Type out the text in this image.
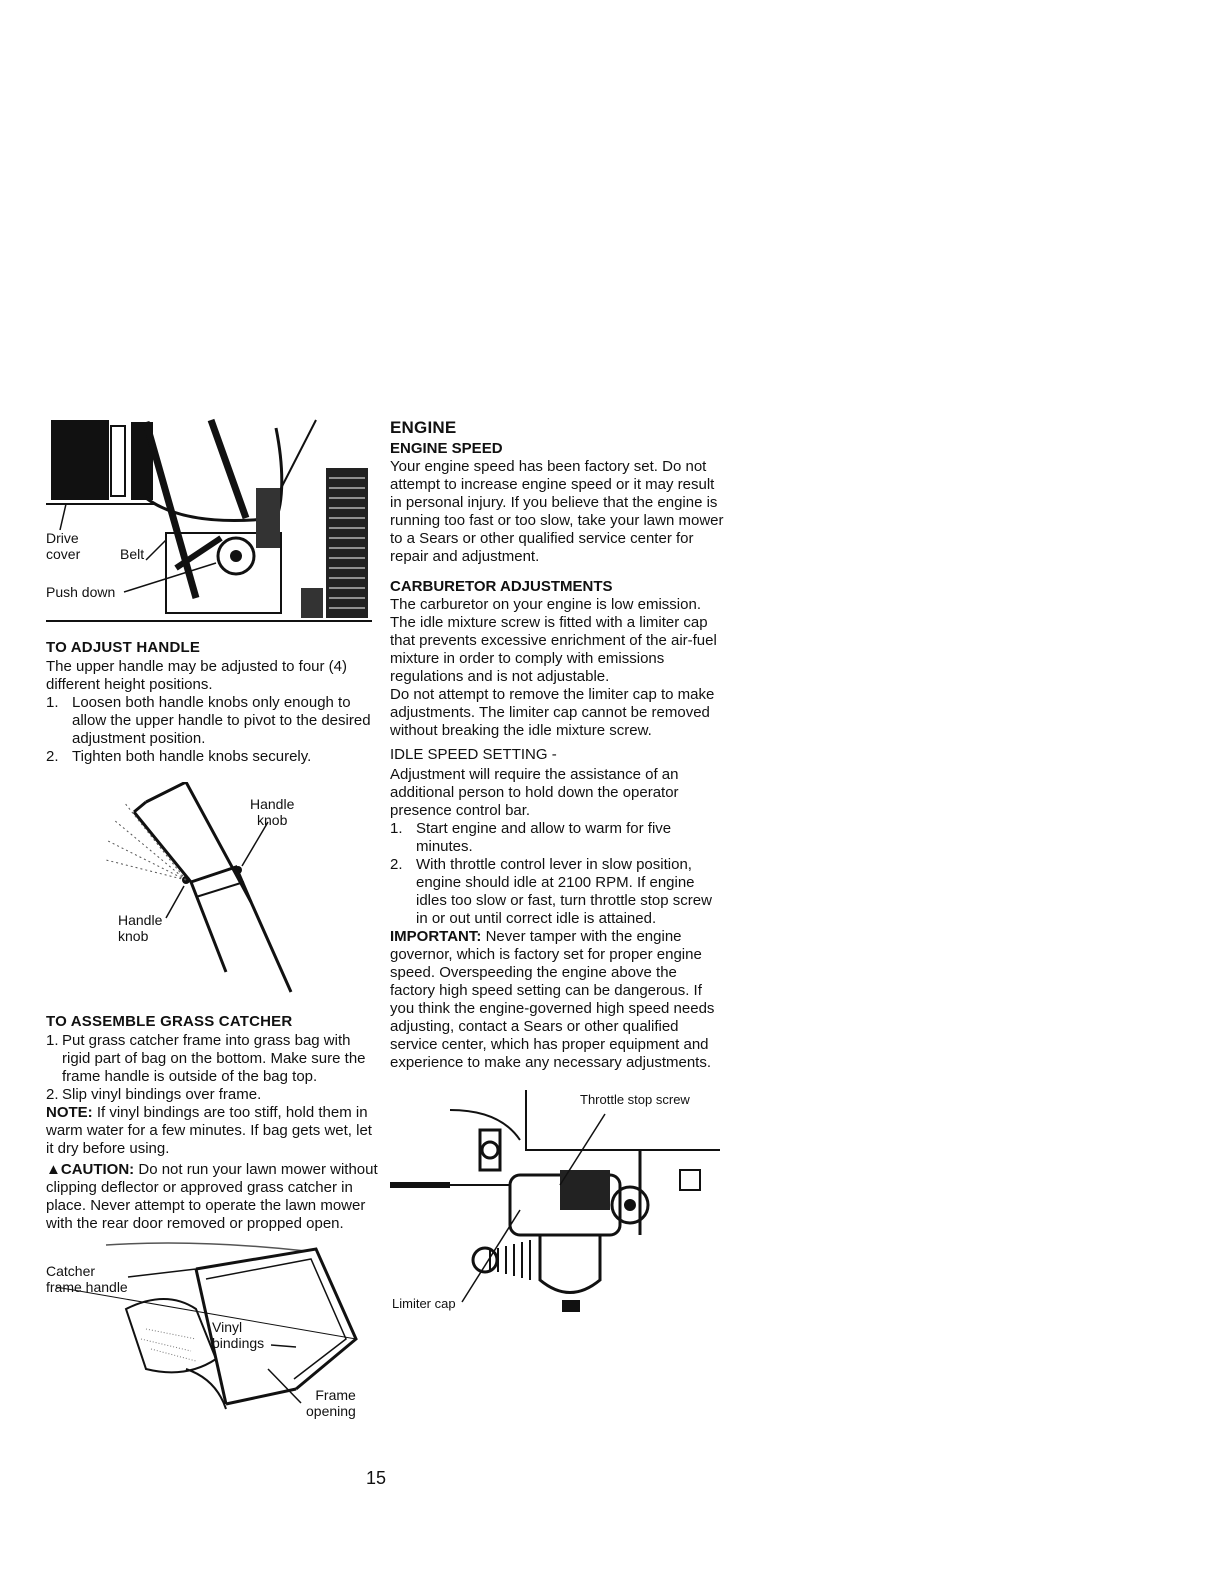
Drive
cover	Belt
Push down
TO ADJUST HANDLE

The upper handle may be adjusted to four (4) different height positions.

1. Loosen both handle knobs only enough to allow the upper handle to pivot to the desired adjustment position.
2. Tighten both handle knobs securely.
Handle
knob
Handle
knob
TO ASSEMBLE GRASS CATCHER
1. Put grass catcher frame into grass bag with rigid part of bag on the bottom. Make sure the frame handle is outside of the bag top.
2. Slip vinyl bindings over frame.

NOTE: If vinyl bindings are too stiff, hold them in warm water for a few minutes. If bag gets wet, let it dry before using.

▲CAUTION: Do not run your lawn mower without clipping deflector or approved grass catcher in place. Never attempt to operate the lawn mower with the rear door removed or propped open.

Catcher
frame handle
Vinyl
bindings
Frame
opening
ENGINE
ENGINE SPEED

Your engine speed has been factory set. Do not attempt to increase engine speed or it may result in personal injury. If you believe that the engine is running too fast or too slow, take your lawn mower to a Sears or other qualified service center for repair and adjustment.

CARBURETOR ADJUSTMENTS

The carburetor on your engine is low emission. The idle mixture screw is fitted with a limiter cap that prevents excessive enrichment of the air-fuel mixture in order to comply with emissions regulations and is not adjustable.

Do not attempt to remove the limiter cap to make adjustments. The limiter cap cannot be removed without breaking the idle mixture screw.

IDLE SPEED SETTING -

Adjustment will require the assistance of an additional person to hold down the operator presence control bar.

1. Start engine and allow to warm for five minutes.
2. With throttle control lever in slow position, engine should idle at 2100 RPM. If engine idles too slow or fast, turn throttle stop screw in or out until correct idle is attained.

IMPORTANT: Never tamper with the engine governor, which is factory set for proper engine speed. Overspeeding the engine above the factory high speed setting can be dangerous. If you think the engine-governed high speed needs adjusting, contact a Sears or other qualified service center, which has proper equipment and experience to make any necessary adjustments.

Throttle stop screw
Limiter cap
15
